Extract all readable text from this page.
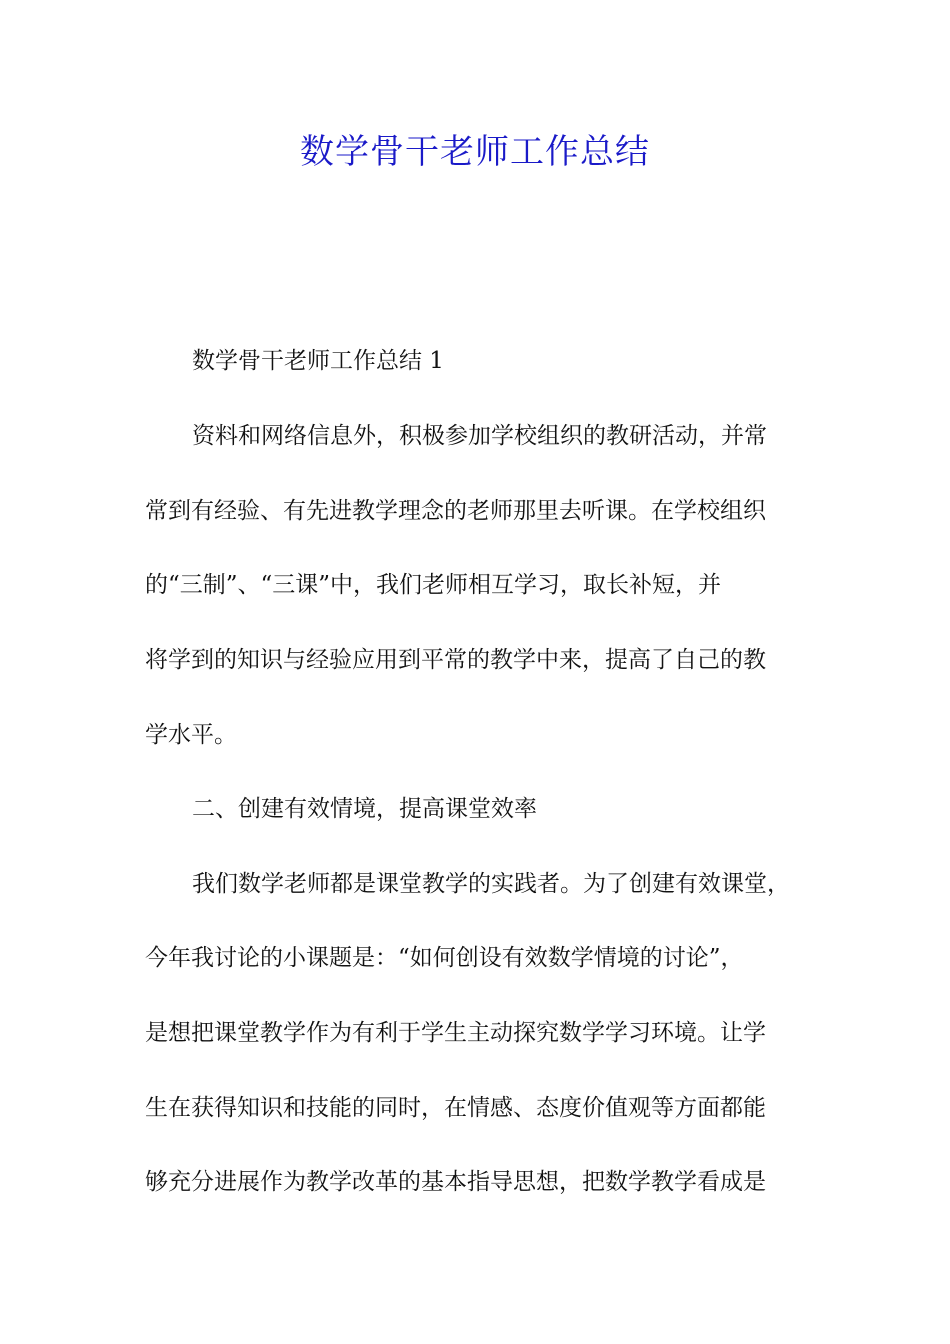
数学骨干老师工作总结
数学骨干老师工作总结 1
资料和网络信息外，积极参加学校组织的教研活动，并常
常到有经验、有先进教学理念的老师那里去听课。在学校组织
的“三制”、“三课”中，我们老师相互学习，取长补短，并
将学到的知识与经验应用到平常的教学中来，提高了自己的教
学水平。
二、创建有效情境，提高课堂效率
我们数学老师都是课堂教学的实践者。为了创建有效课堂，
今年我讨论的小课题是：“如何创设有效数学情境的讨论”，
是想把课堂教学作为有利于学生主动探究数学学习环境。让学
生在获得知识和技能的同时，在情感、态度价值观等方面都能
够充分进展作为教学改革的基本指导思想，把数学教学看成是
